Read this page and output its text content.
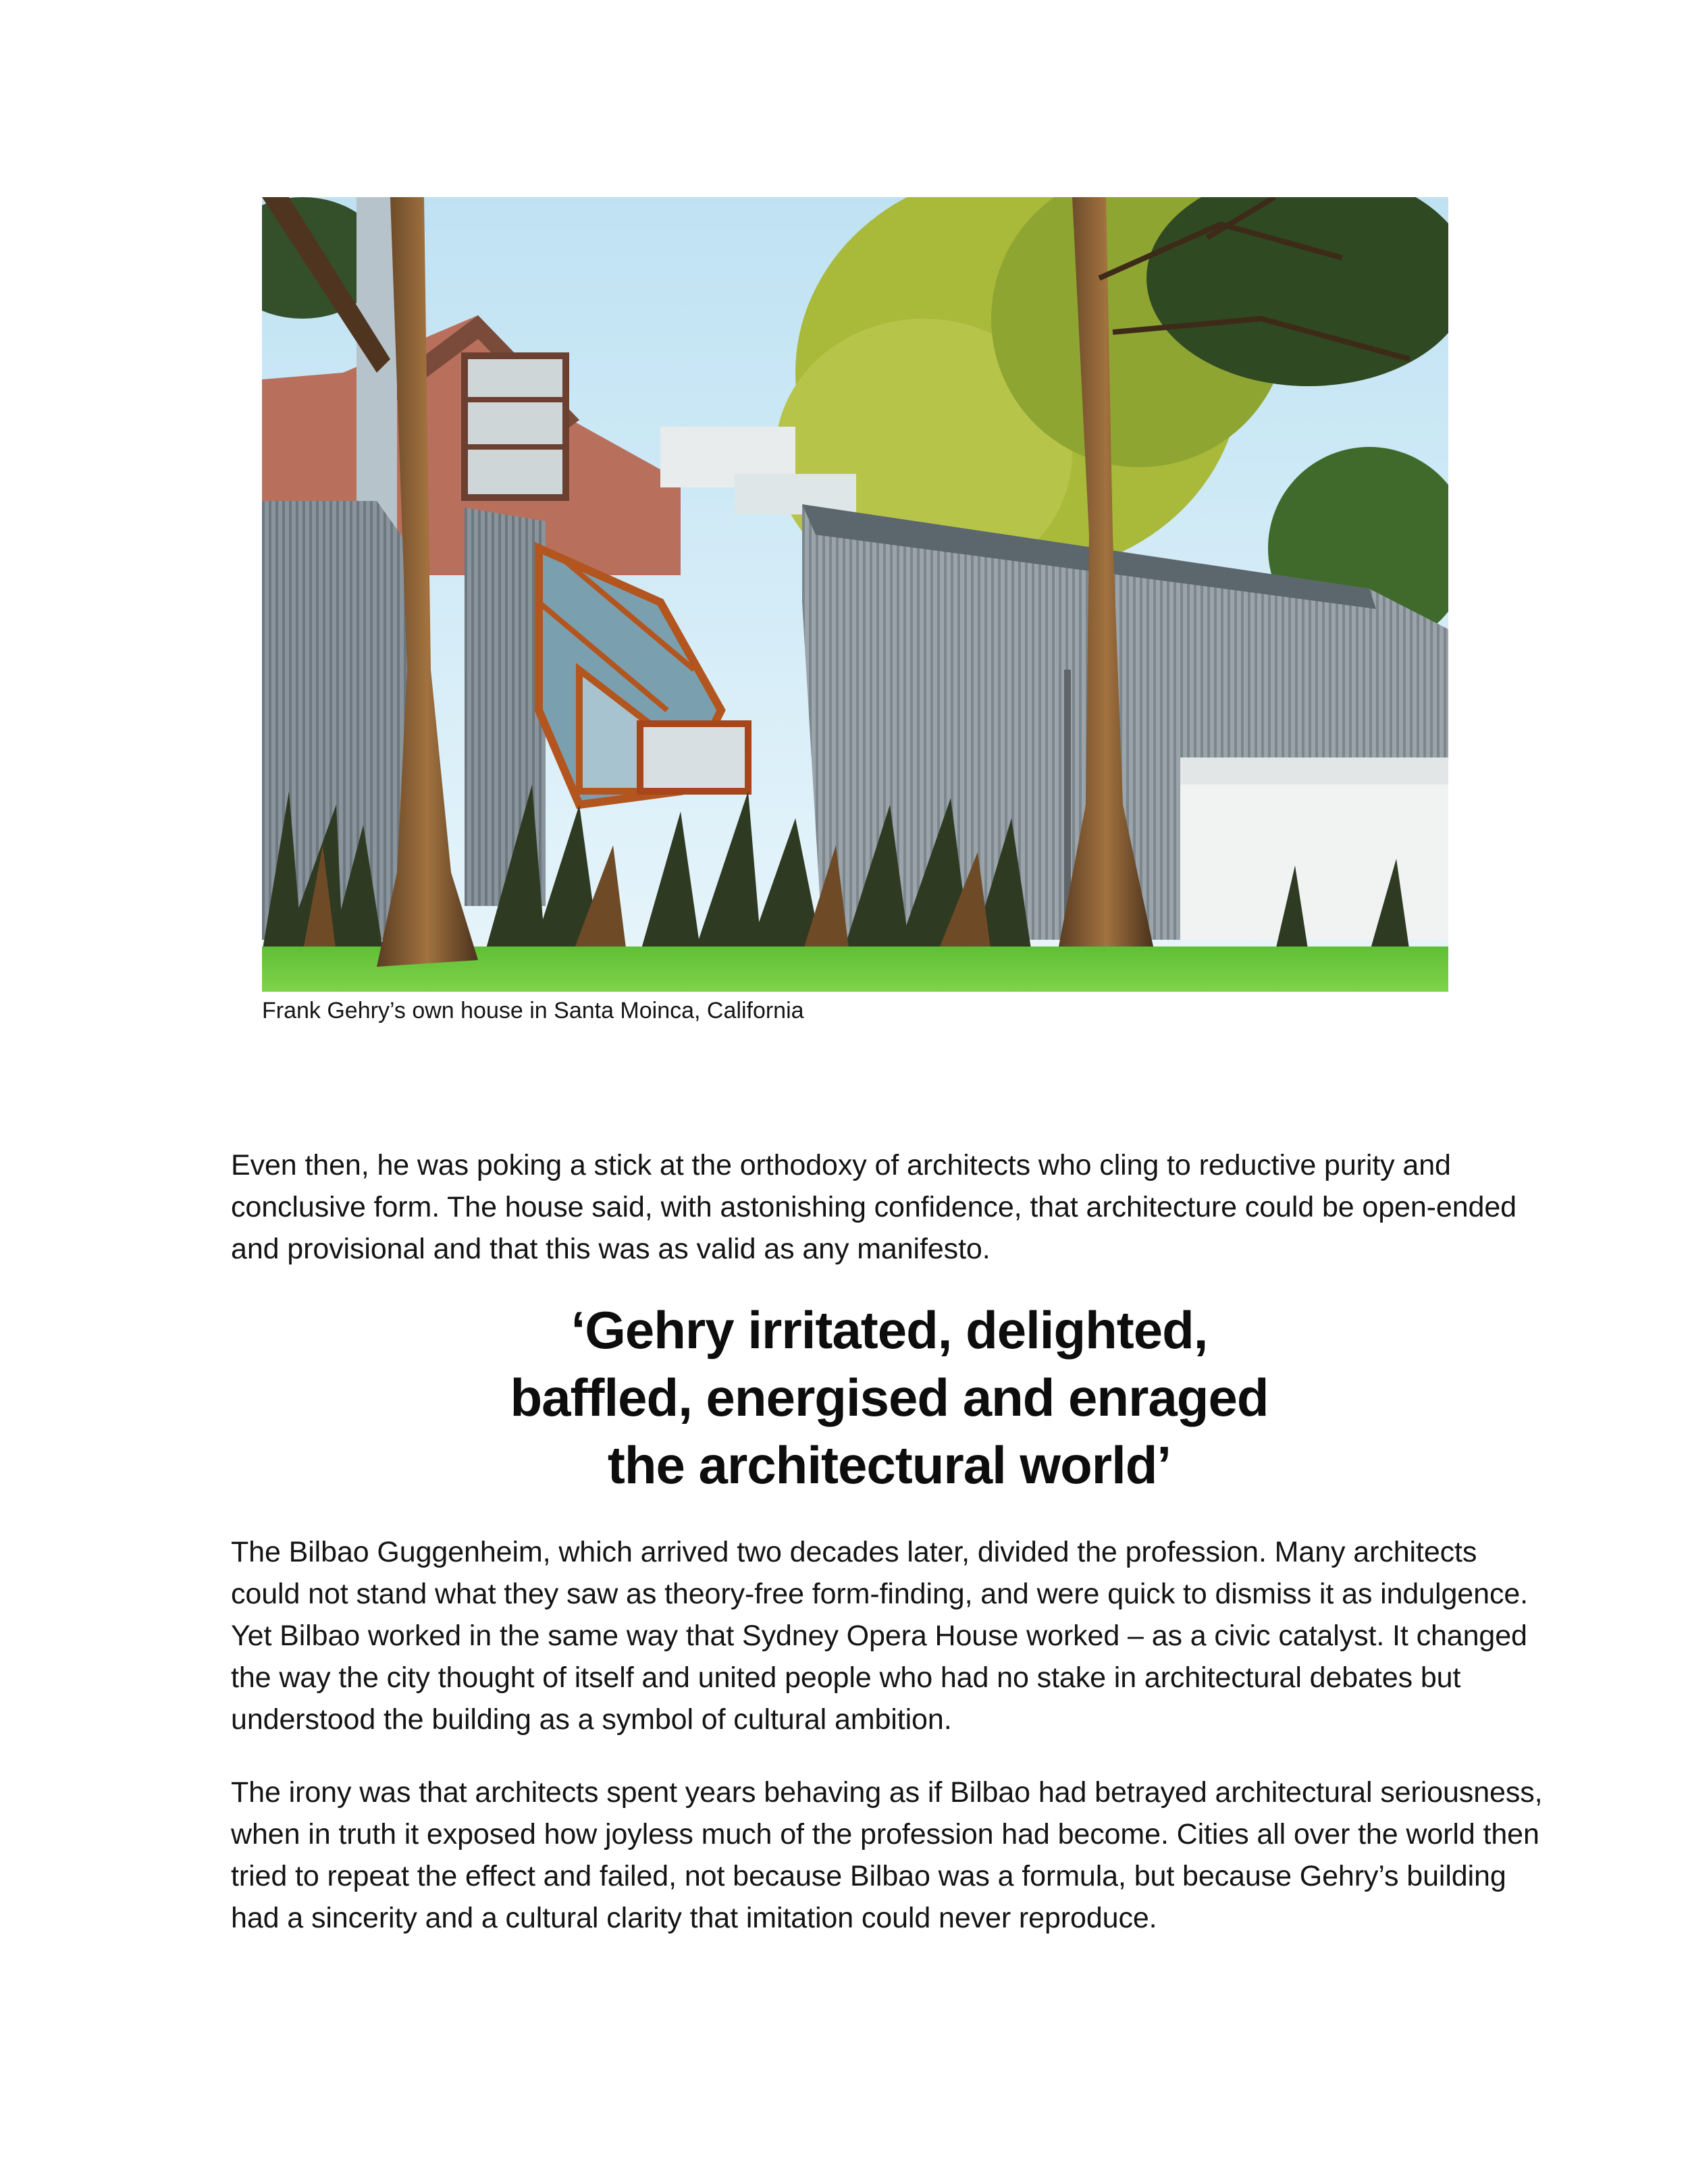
Frank Gehry’s own house in Santa Moinca, California

Even then, he was poking a stick at the orthodoxy of architects who cling to reductive purity and conclusive form. The house said, with astonishing confidence, that architecture could be open-ended and provisional and that this was as valid as any manifesto.

‘Gehry irritated, delighted,
baffled, energised and enraged
the architectural world’

The Bilbao Guggenheim, which arrived two decades later, divided the profession. Many architects could not stand what they saw as theory-free form-finding, and were quick to dismiss it as indulgence. Yet Bilbao worked in the same way that Sydney Opera House worked – as a civic catalyst. It changed the way the city thought of itself and united people who had no stake in architectural debates but understood the building as a symbol of cultural ambition.

The irony was that architects spent years behaving as if Bilbao had betrayed architectural seriousness, when in truth it exposed how joyless much of the profession had become. Cities all over the world then tried to repeat the effect and failed, not because Bilbao was a formula, but because Gehry’s building had a sincerity and a cultural clarity that imitation could never reproduce.
